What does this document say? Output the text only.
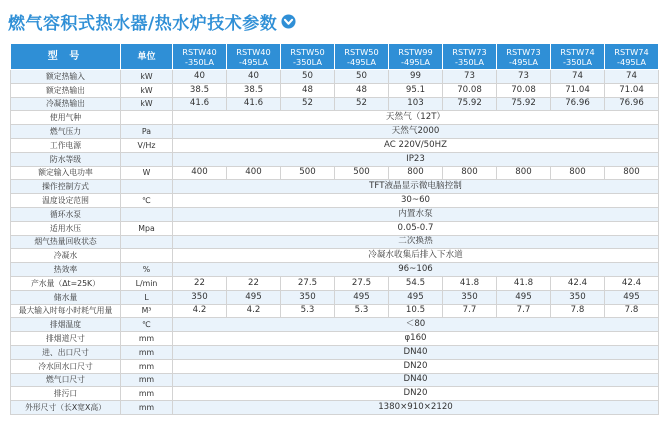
燃气容积式热水器/热水炉技术参数
型 号	单位	RSTW40 -350LA	RSTW40 -495LA	RSTW50 -350LA	RSTW50 -495LA	RSTW99 -495LA	RSTW73 -350LA	RSTW73 -495LA	RSTW74 -350LA	RSTW74 -495LA
额定热输入	kW	40	40	50	50	99	73	73	74	74
额定热输出	kW	38.5	38.5	48	48	95.1	70.08	70.08	71.04	71.04
冷凝热输出	kW	41.6	41.6	52	52	103	75.92	75.92	76.96	76.96
使用气种		天然气（12T）								
燃气压力	Pa	天然气2000								
工作电源	V/Hz	AC 220V/50HZ								
防水等级		IP23								
额定输入电功率	W	400	400	500	500	800	800	800	800	800
操作控制方式		TFT液晶显示微电脑控制								
温度设定范围	℃	30~60								
循环水泵		内置水泵								
适用水压	Mpa	0.05-0.7								
烟气热量回收状态		二次换热								
冷凝水		冷凝水收集后排入下水道								
热效率	%	96~106								
产水量（Δt=25K）	L/min	22	22	27.5	27.5	54.5	41.8	41.8	42.4	42.4
储水量	L	350	495	350	495	495	350	495	350	495
最大输入时每小时耗气用量	M³	4.2	4.2	5.3	5.3	10.5	7.7	7.7	7.8	7.8
排烟温度	℃	＜80								
排烟道尺寸	mm	φ160								
进、出口尺寸	mm	DN40								
冷水回水口尺寸	mm	DN20								
燃气口尺寸	mm	DN40								
排污口	mm	DN20								
外形尺寸（长X宽X高）	mm	1380×910×2120								
